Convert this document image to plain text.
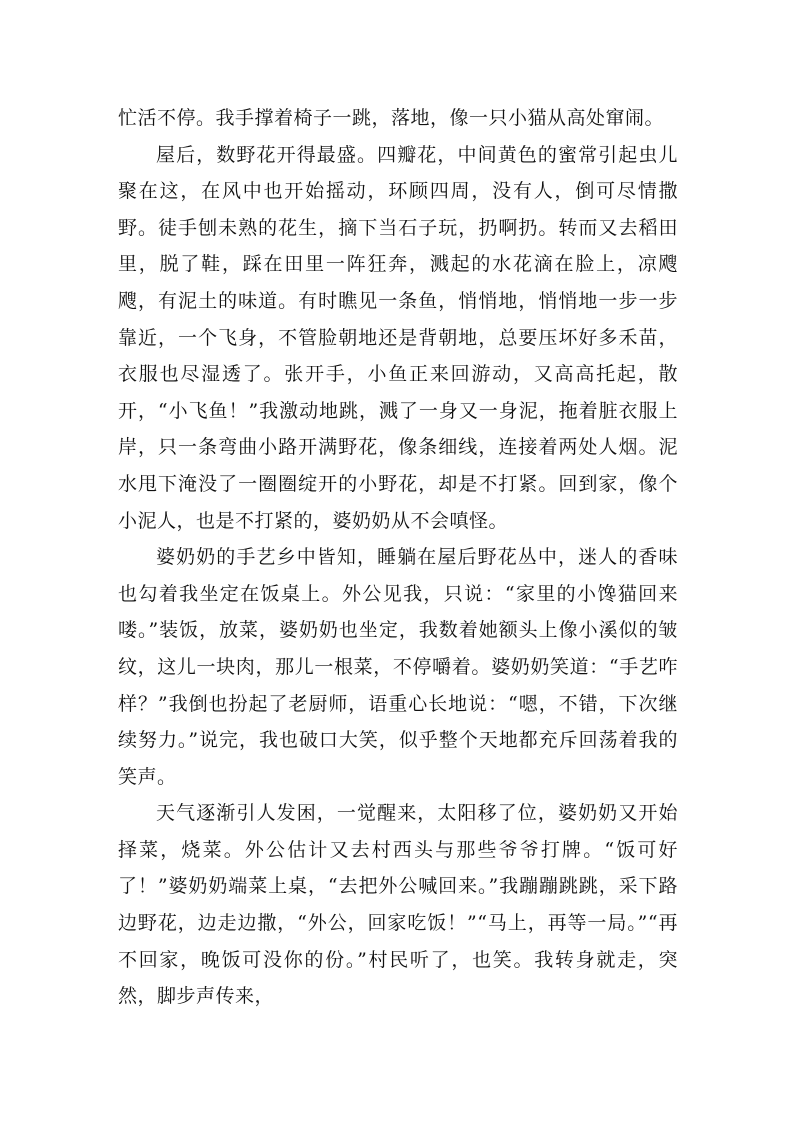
忙活不停。我手撑着椅子一跳，落地，像一只小猫从高处窜闹。

屋后，数野花开得最盛。四瓣花，中间黄色的蜜常引起虫儿聚在这，在风中也开始摇动，环顾四周，没有人，倒可尽情撒野。徒手刨未熟的花生，摘下当石子玩，扔啊扔。转而又去稻田里，脱了鞋，踩在田里一阵狂奔，溅起的水花滴在脸上，凉飕飕，有泥土的味道。有时瞧见一条鱼，悄悄地，悄悄地一步一步靠近，一个飞身，不管脸朝地还是背朝地，总要压坏好多禾苗，衣服也尽湿透了。张开手，小鱼正来回游动，又高高托起，散开，“小飞鱼！”我激动地跳，溅了一身又一身泥，拖着脏衣服上岸，只一条弯曲小路开满野花，像条细线，连接着两处人烟。泥水甩下淹没了一圈圈绽开的小野花，却是不打紧。回到家，像个小泥人，也是不打紧的，婆奶奶从不会嗔怪。

婆奶奶的手艺乡中皆知，睡躺在屋后野花丛中，迷人的香味也勾着我坐定在饭桌上。外公见我，只说：“家里的小馋猫回来喽。”装饭，放菜，婆奶奶也坐定，我数着她额头上像小溪似的皱纹，这儿一块肉，那儿一根菜，不停嚼着。婆奶奶笑道：“手艺咋样？”我倒也扮起了老厨师，语重心长地说：“嗯，不错，下次继续努力。”说完，我也破口大笑，似乎整个天地都充斥回荡着我的笑声。

天气逐渐引人发困，一觉醒来，太阳移了位，婆奶奶又开始择菜，烧菜。外公估计又去村西头与那些爷爷打牌。“饭可好了！”婆奶奶端菜上桌，“去把外公喊回来。”我蹦蹦跳跳，采下路边野花，边走边撒，“外公，回家吃饭！”“马上，再等一局。”“再不回家，晚饭可没你的份。”村民听了，也笑。我转身就走，突然，脚步声传来，
